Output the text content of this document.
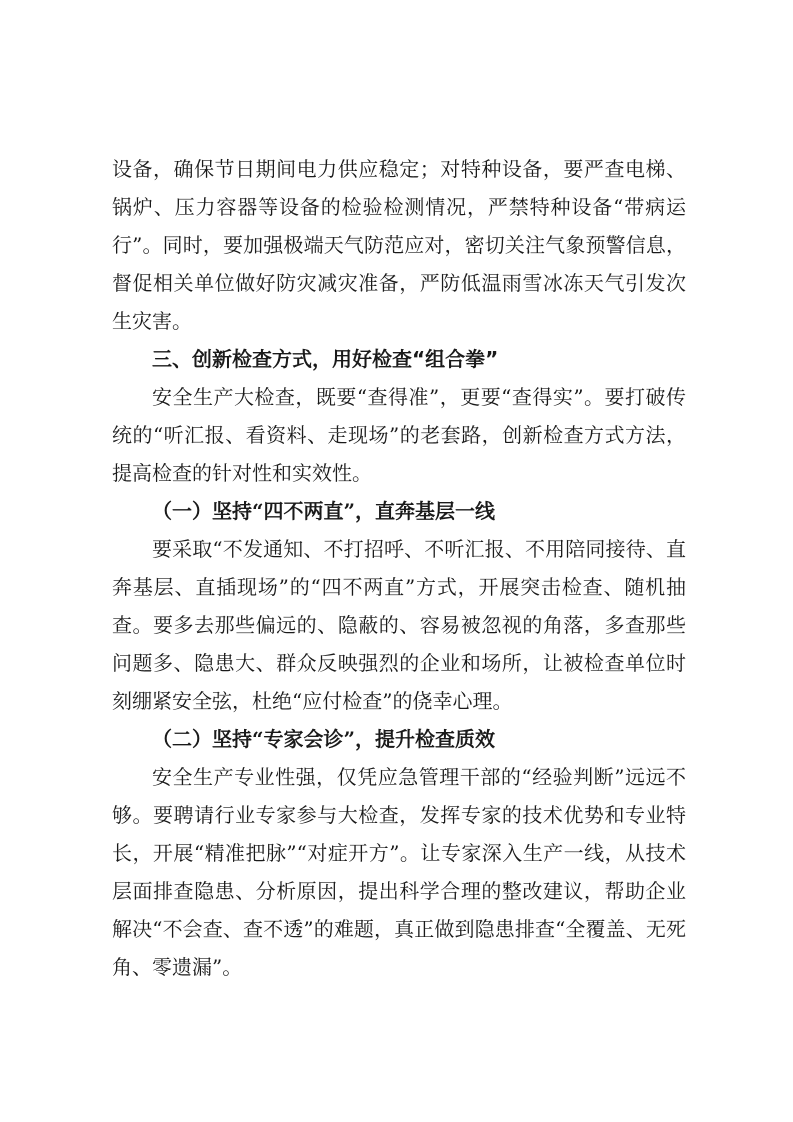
设备，确保节日期间电力供应稳定；对特种设备，要严查电梯、锅炉、压力容器等设备的检验检测情况，严禁特种设备“带病运行”。同时，要加强极端天气防范应对，密切关注气象预警信息，督促相关单位做好防灾减灾准备，严防低温雨雪冰冻天气引发次生灾害。

三、创新检查方式，用好检查“组合拳”

安全生产大检查，既要“查得准”，更要“查得实”。要打破传统的“听汇报、看资料、走现场”的老套路，创新检查方式方法，提高检查的针对性和实效性。

（一）坚持“四不两直”，直奔基层一线

要采取“不发通知、不打招呼、不听汇报、不用陪同接待、直奔基层、直插现场”的“四不两直”方式，开展突击检查、随机抽查。要多去那些偏远的、隐蔽的、容易被忽视的角落，多查那些问题多、隐患大、群众反映强烈的企业和场所，让被检查单位时刻绷紧安全弦，杜绝“应付检查”的侥幸心理。

（二）坚持“专家会诊”，提升检查质效

安全生产专业性强，仅凭应急管理干部的“经验判断”远远不够。要聘请行业专家参与大检查，发挥专家的技术优势和专业特长，开展“精准把脉”“对症开方”。让专家深入生产一线，从技术层面排查隐患、分析原因，提出科学合理的整改建议，帮助企业解决“不会查、查不透”的难题，真正做到隐患排查“全覆盖、无死角、零遗漏”。
